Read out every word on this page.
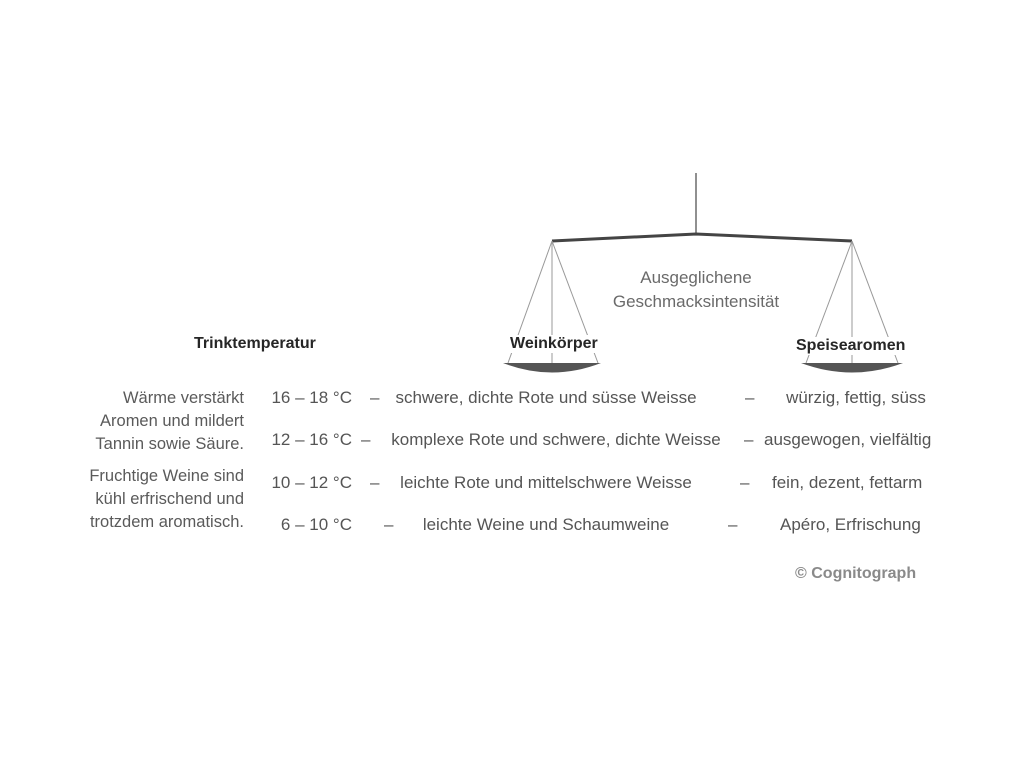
Ausgeglichene
Geschmacksintensität
Weinkörper	Speisearomen
Trinktemperatur
Wärme verstärkt
Aromen und mildert
Tannin sowie Säure.
Fruchtige Weine sind
kühl erfrischend und
trotzdem aromatisch.
16 – 18 °C – schwere, dichte Rote und süsse Weisse	–	würzig, fettig, süss
12 – 16 °C –	komplexe Rote und schwere, dichte Weisse	– ausgewogen, vielfältig
10 – 12 °C –	leichte Rote und mittelschwere Weisse	– fein, dezent, fettarm
6 – 10 °C –	leichte Weine und Schaumweine	–	Apéro, Erfrischung
© Cognitograph
